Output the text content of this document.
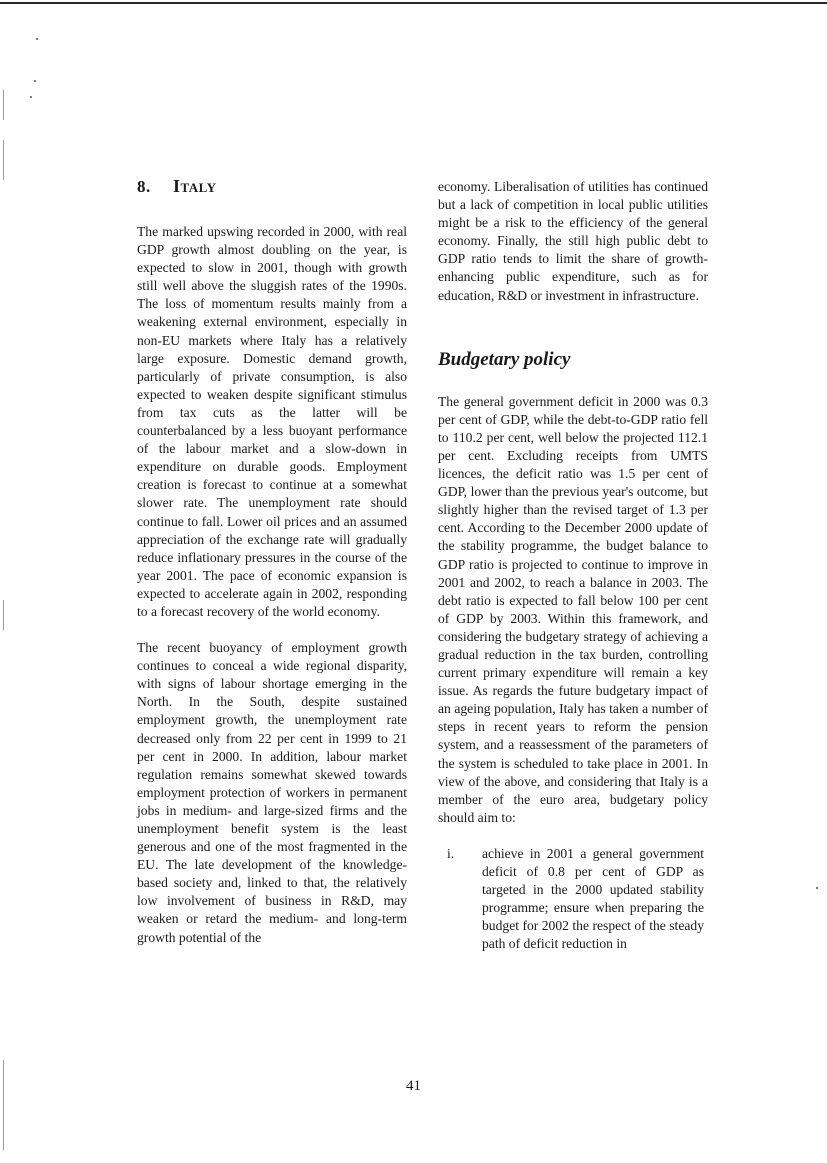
8. Italy

The marked upswing recorded in 2000, with real GDP growth almost doubling on the year, is expected to slow in 2001, though with growth still well above the sluggish rates of the 1990s. The loss of momentum results mainly from a weakening external environment, especially in non-EU markets where Italy has a relatively large exposure. Domestic demand growth, particularly of private consumption, is also expected to weaken despite significant stimulus from tax cuts as the latter will be counterbalanced by a less buoyant performance of the labour market and a slow-down in expenditure on durable goods. Employment creation is forecast to continue at a somewhat slower rate. The unemployment rate should continue to fall. Lower oil prices and an assumed appreciation of the exchange rate will gradually reduce inflationary pressures in the course of the year 2001. The pace of economic expansion is expected to accelerate again in 2002, responding to a forecast recovery of the world economy.

The recent buoyancy of employment growth continues to conceal a wide regional disparity, with signs of labour shortage emerging in the North. In the South, despite sustained employment growth, the unemployment rate decreased only from 22 per cent in 1999 to 21 per cent in 2000. In addition, labour market regulation remains somewhat skewed towards employment protection of workers in permanent jobs in medium- and large-sized firms and the unemployment benefit system is the least generous and one of the most fragmented in the EU. The late development of the knowledge-based society and, linked to that, the relatively low involvement of business in R&D, may weaken or retard the medium- and long-term growth potential of the

economy. Liberalisation of utilities has continued but a lack of competition in local public utilities might be a risk to the efficiency of the general economy. Finally, the still high public debt to GDP ratio tends to limit the share of growth-enhancing public expenditure, such as for education, R&D or investment in infrastructure.

Budgetary policy

The general government deficit in 2000 was 0.3 per cent of GDP, while the debt-to-GDP ratio fell to 110.2 per cent, well below the projected 112.1 per cent. Excluding receipts from UMTS licences, the deficit ratio was 1.5 per cent of GDP, lower than the previous year's outcome, but slightly higher than the revised target of 1.3 per cent. According to the December 2000 update of the stability programme, the budget balance to GDP ratio is projected to continue to improve in 2001 and 2002, to reach a balance in 2003. The debt ratio is expected to fall below 100 per cent of GDP by 2003. Within this framework, and considering the budgetary strategy of achieving a gradual reduction in the tax burden, controlling current primary expenditure will remain a key issue. As regards the future budgetary impact of an ageing population, Italy has taken a number of steps in recent years to reform the pension system, and a reassessment of the parameters of the system is scheduled to take place in 2001. In view of the above, and considering that Italy is a member of the euro area, budgetary policy should aim to:

i. achieve in 2001 a general government deficit of 0.8 per cent of GDP as targeted in the 2000 updated stability programme; ensure when preparing the budget for 2002 the respect of the steady path of deficit reduction in
41
